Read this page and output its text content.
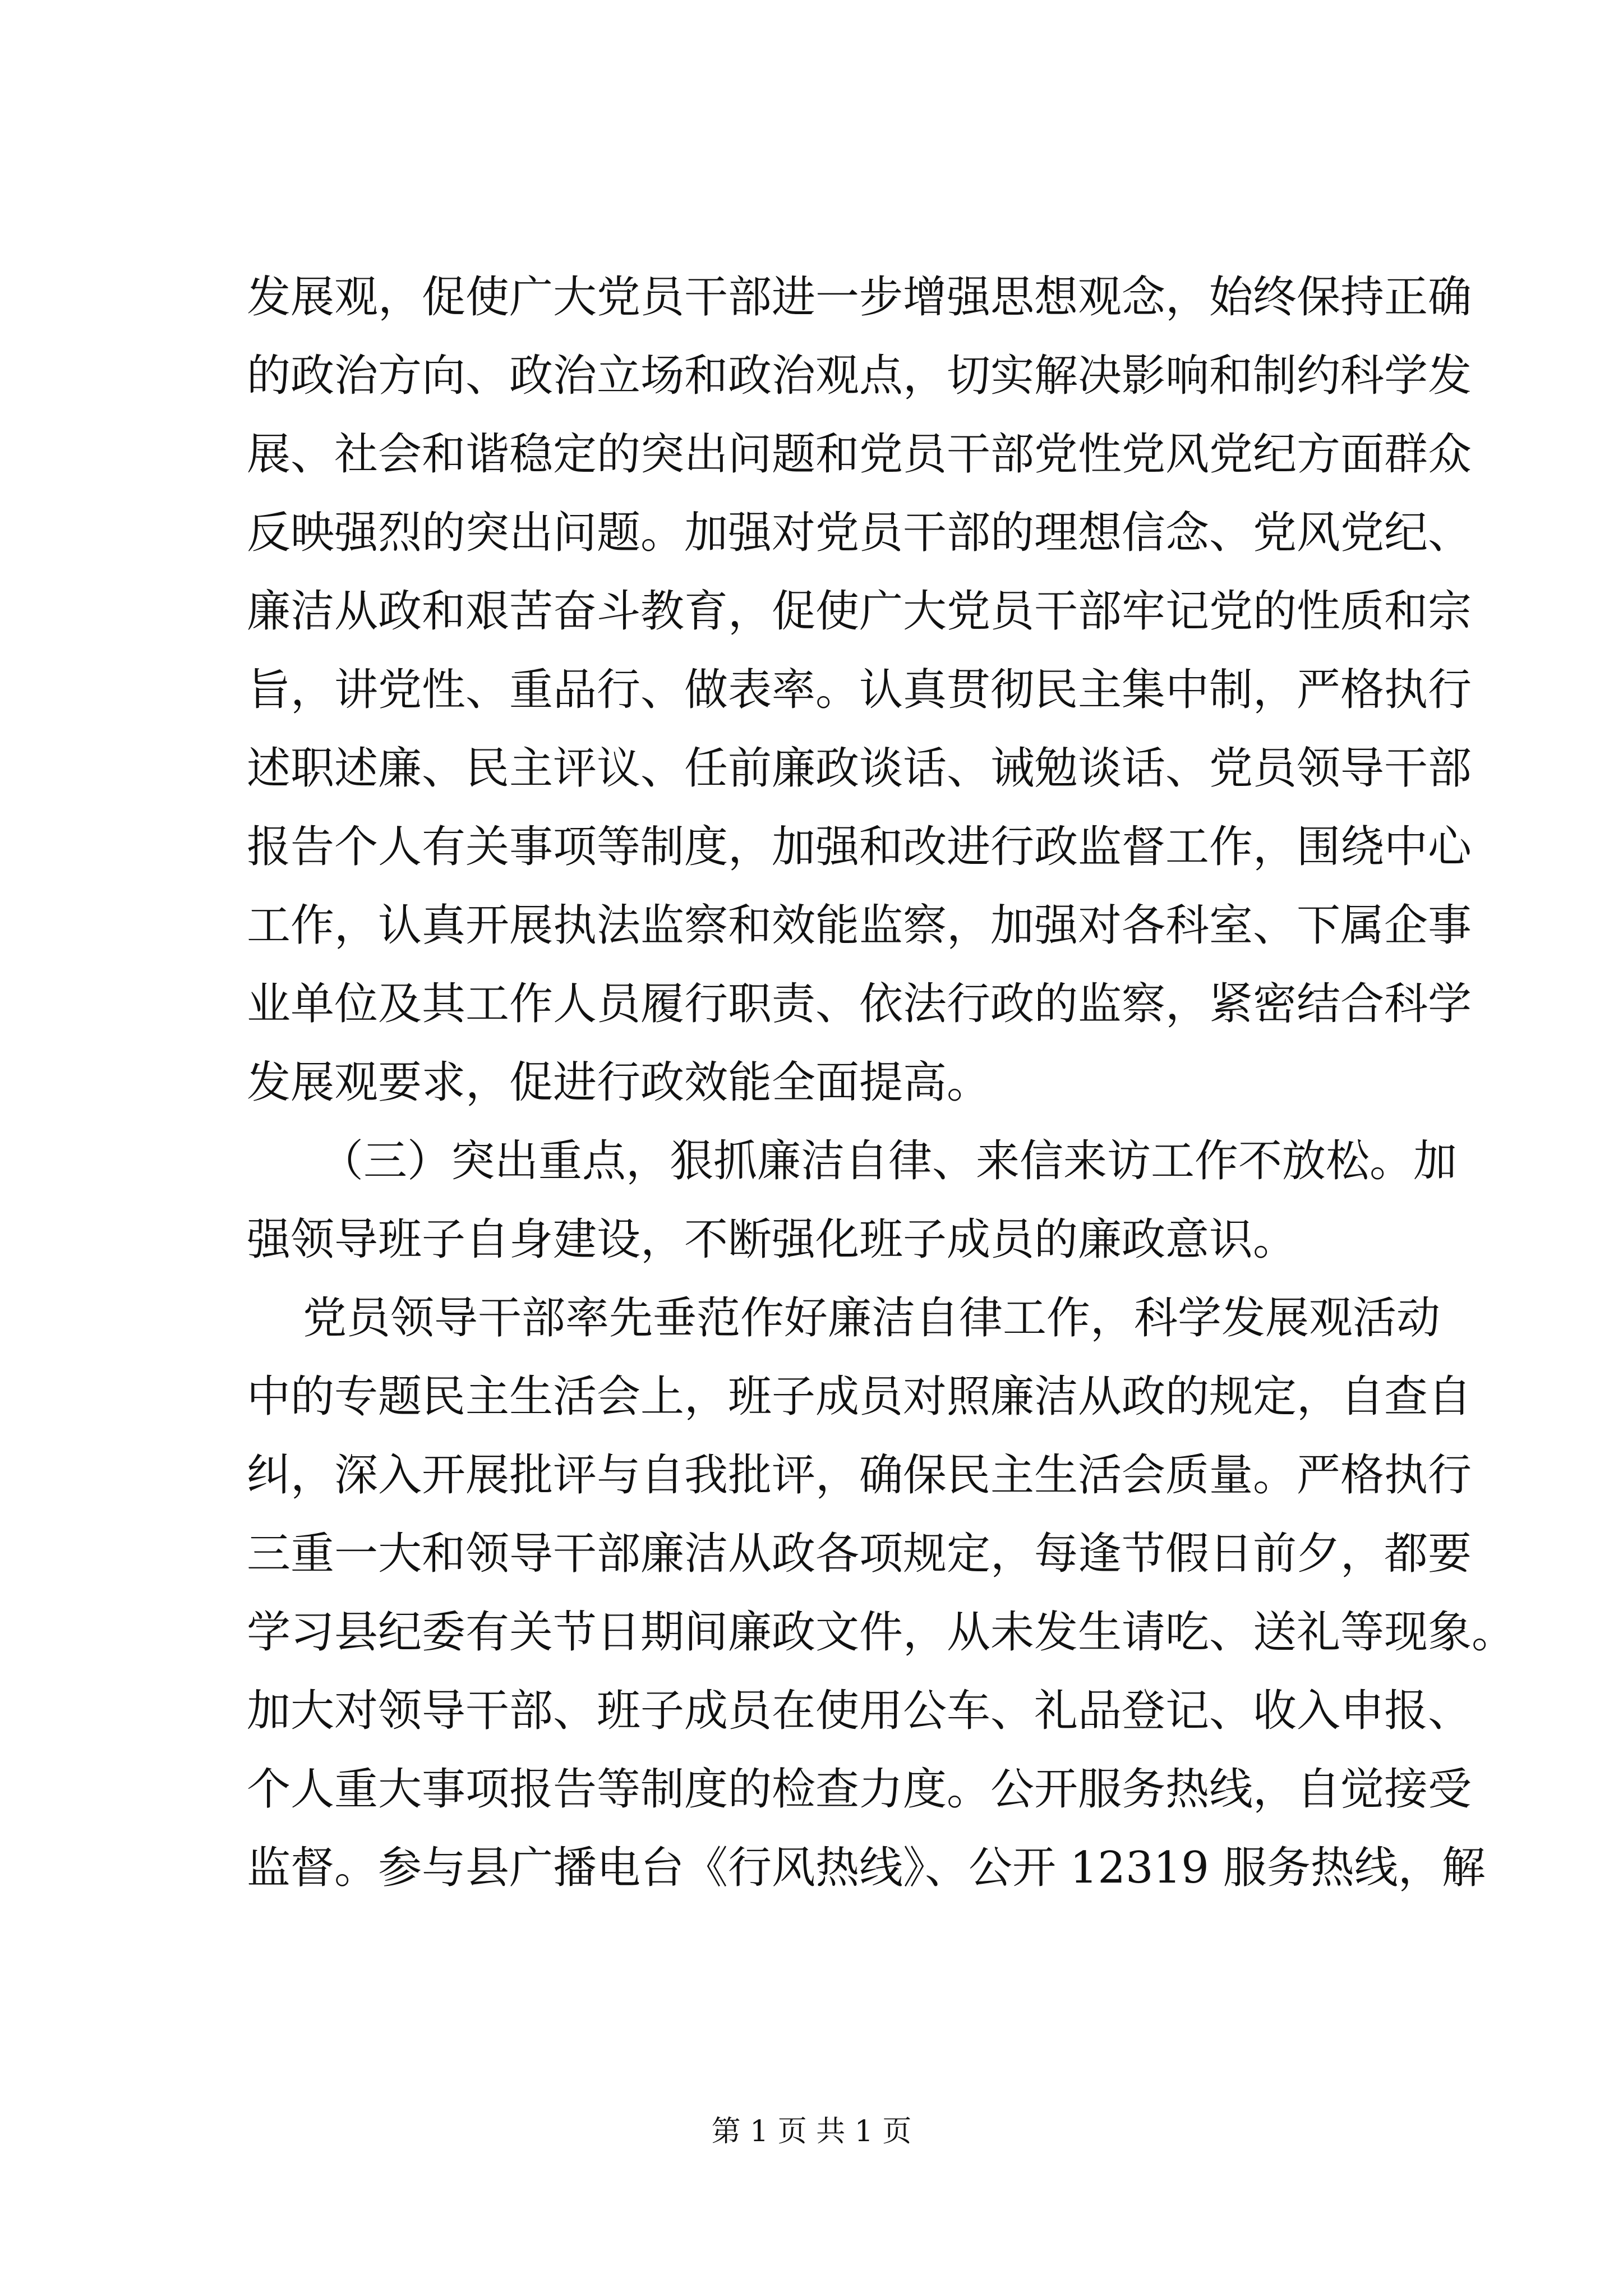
发展观，促使广大党员干部进一步增强思想观念，始终保持正确
的政治方向、政治立场和政治观点，切实解决影响和制约科学发
展、社会和谐稳定的突出问题和党员干部党性党风党纪方面群众
反映强烈的突出问题。加强对党员干部的理想信念、党风党纪、
廉洁从政和艰苦奋斗教育，促使广大党员干部牢记党的性质和宗
旨，讲党性、重品行、做表率。认真贯彻民主集中制，严格执行
述职述廉、民主评议、任前廉政谈话、诫勉谈话、党员领导干部
报告个人有关事项等制度，加强和改进行政监督工作，围绕中心
工作，认真开展执法监察和效能监察，加强对各科室、下属企事
业单位及其工作人员履行职责、依法行政的监察，紧密结合科学
发展观要求，促进行政效能全面提高。
（三）突出重点，狠抓廉洁自律、来信来访工作不放松。加
强领导班子自身建设，不断强化班子成员的廉政意识。
党员领导干部率先垂范作好廉洁自律工作，科学发展观活动
中的专题民主生活会上，班子成员对照廉洁从政的规定，自查自
纠，深入开展批评与自我批评，确保民主生活会质量。严格执行
三重一大和领导干部廉洁从政各项规定，每逢节假日前夕，都要
学习县纪委有关节日期间廉政文件，从未发生请吃、送礼等现象。
加大对领导干部、班子成员在使用公车、礼品登记、收入申报、
个人重大事项报告等制度的检查力度。公开服务热线，自觉接受
监督。参与县广播电台《行风热线》、公开 12319 服务热线，解
第 1 页 共 1 页
